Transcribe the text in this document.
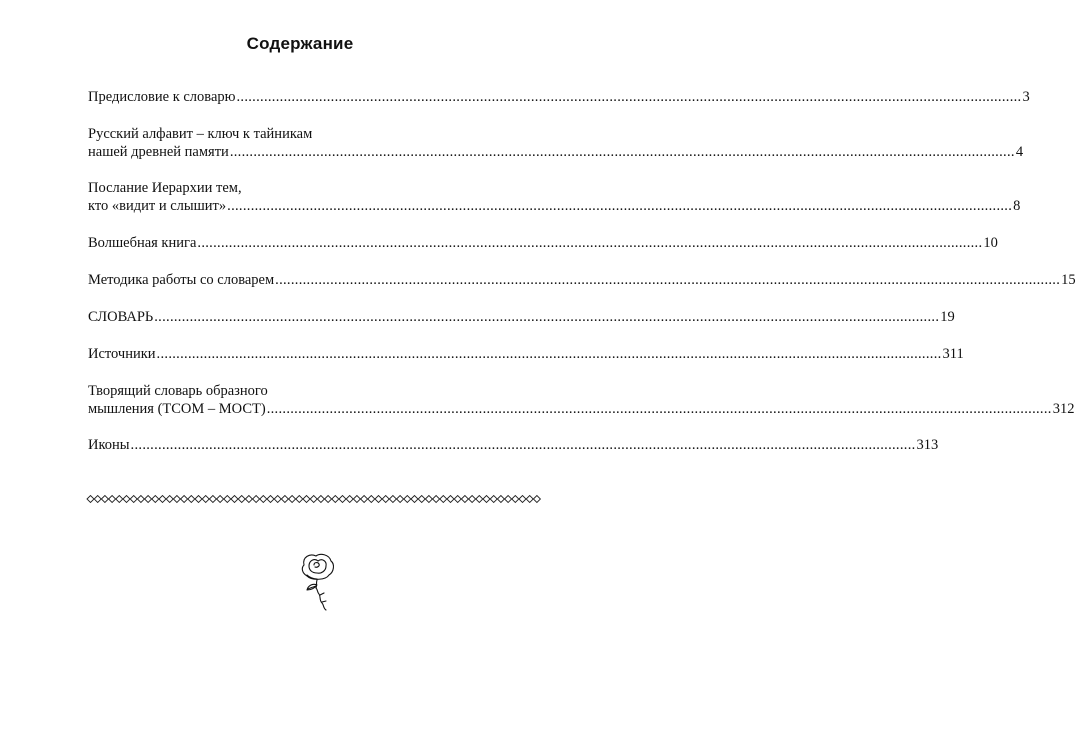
Содержание
Предисловие к словарю ........................................................................................................................................................................................................ 3
Русский алфавит – ключ к тайникам
нашей древней памяти ........................................................................................................................................................................................................ 4
Послание Иерархии тем,
кто «видит и слышит» ........................................................................................................................................................................................................ 8
Волшебная книга ........................................................................................................................................................................................................ 10
Методика работы со словарем ........................................................................................................................................................................................................ 15
СЛОВАРЬ ........................................................................................................................................................................................................ 19
Источники ........................................................................................................................................................................................................ 311
Творящий словарь образного
мышления (ТСОМ – МОСТ) ........................................................................................................................................................................................................ 312
Иконы ........................................................................................................................................................................................................ 313
